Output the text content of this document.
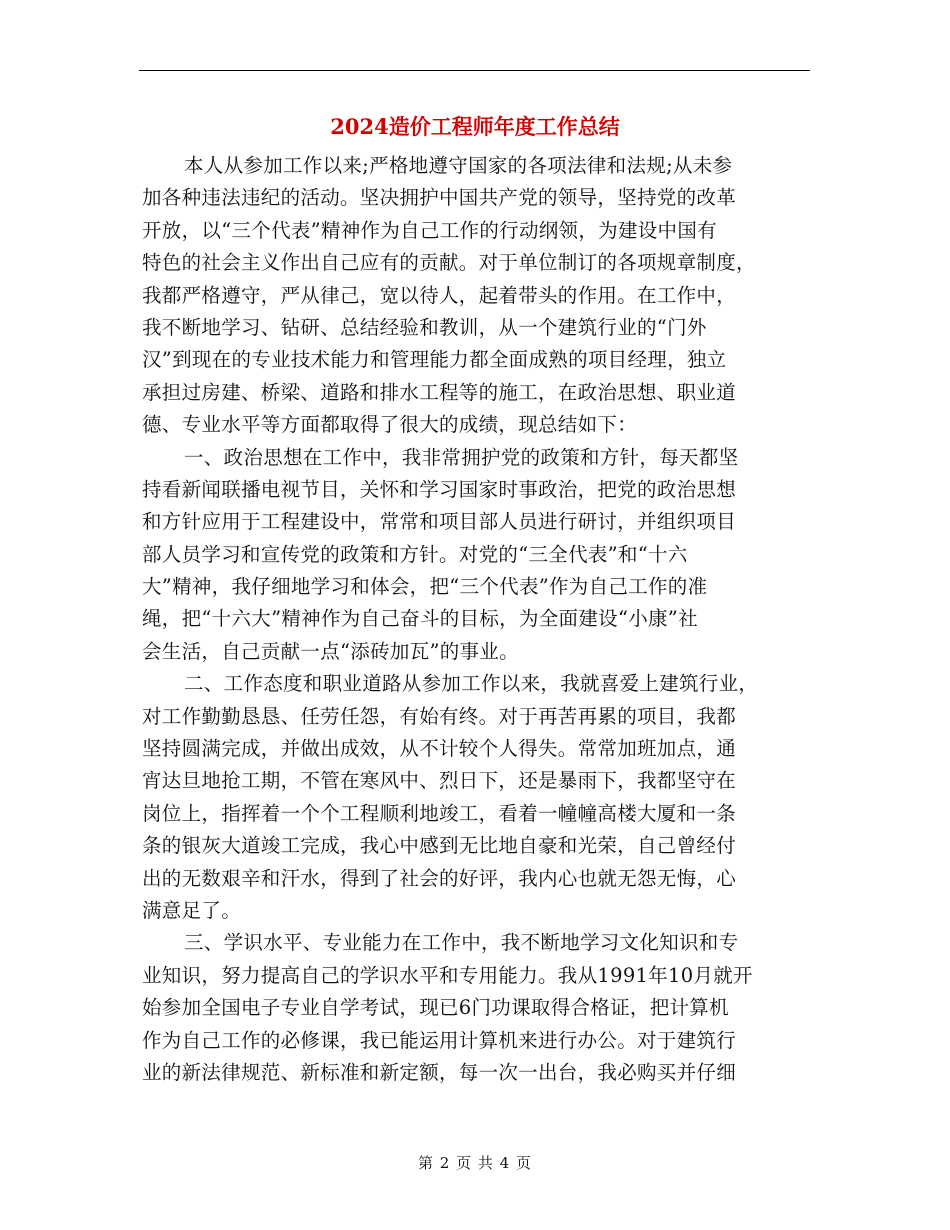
2024造价工程师年度工作总结
本人从参加工作以来;严格地遵守国家的各项法律和法规;从未参
加各种违法违纪的活动。坚决拥护中国共产党的领导，坚持党的改革
开放，以“三个代表”精神作为自己工作的行动纲领，为建设中国有
特色的社会主义作出自己应有的贡献。对于单位制订的各项规章制度，
我都严格遵守，严从律己，宽以待人，起着带头的作用。在工作中，
我不断地学习、钻研、总结经验和教训，从一个建筑行业的“门外
汉”到现在的专业技术能力和管理能力都全面成熟的项目经理，独立
承担过房建、桥梁、道路和排水工程等的施工，在政治思想、职业道
德、专业水平等方面都取得了很大的成绩，现总结如下：
一、政治思想在工作中，我非常拥护党的政策和方针，每天都坚
持看新闻联播电视节目，关怀和学习国家时事政治，把党的政治思想
和方针应用于工程建设中，常常和项目部人员进行研讨，并组织项目
部人员学习和宣传党的政策和方针。对党的“三全代表”和“十六
大”精神，我仔细地学习和体会，把“三个代表”作为自己工作的准
绳，把“十六大”精神作为自己奋斗的目标，为全面建设“小康”社
会生活，自己贡献一点“添砖加瓦”的事业。
二、工作态度和职业道路从参加工作以来，我就喜爱上建筑行业，
对工作勤勤恳恳、任劳任怨，有始有终。对于再苦再累的项目，我都
坚持圆满完成，并做出成效，从不计较个人得失。常常加班加点，通
宵达旦地抢工期，不管在寒风中、烈日下，还是暴雨下，我都坚守在
岗位上，指挥着一个个工程顺利地竣工，看着一幢幢高楼大厦和一条
条的银灰大道竣工完成，我心中感到无比地自豪和光荣，自己曾经付
出的无数艰辛和汗水，得到了社会的好评，我内心也就无怨无悔，心
满意足了。
三、学识水平、专业能力在工作中，我不断地学习文化知识和专
业知识，努力提高自己的学识水平和专用能力。我从1991年10月就开
始参加全国电子专业自学考试，现已6门功课取得合格证，把计算机
作为自己工作的必修课，我已能运用计算机来进行办公。对于建筑行
业的新法律规范、新标准和新定额，每一次一出台，我必购买并仔细
第 2 页 共 4 页
